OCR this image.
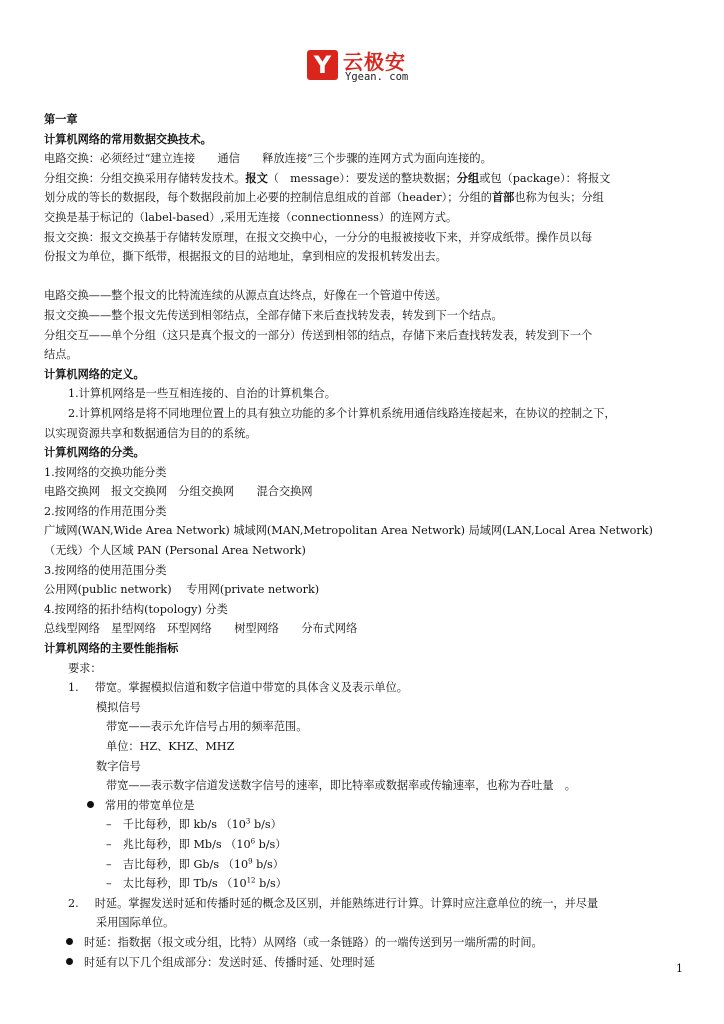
Y 云极安
Ygean. com
第一章
计算机网络的常用数据交换技术。
电路交换：必须经过“建立连接　　通信　　释放连接”三个步骤的连网方式为面向连接的。
分组交换：分组交换采用存储转发技术。报文（　message）：要发送的整块数据；分组或包（package）：将报文
划分成的等长的数据段，每个数据段前加上必要的控制信息组成的首部（header）；分组的首部也称为包头；分组
交换是基于标记的（label-based）,采用无连接（connectionness）的连网方式。
报文交换：报文交换基于存储转发原理，在报文交换中心，一分分的电报被接收下来，并穿成纸带。操作员以每
份报文为单位，撕下纸带，根据报文的目的站地址，拿到相应的发报机转发出去。
电路交换——整个报文的比特流连续的从源点直达终点，好像在一个管道中传送。
报文交换——整个报文先传送到相邻结点，全部存储下来后查找转发表，转发到下一个结点。
分组交互——单个分组（这只是真个报文的一部分）传送到相邻的结点，存储下来后查找转发表，转发到下一个
结点。
计算机网络的定义。
1.计算机网络是一些互相连接的、自治的计算机集合。
2.计算机网络是将不同地理位置上的具有独立功能的多个计算机系统用通信线路连接起来，在协议的控制之下，
以实现资源共享和数据通信为目的的系统。
计算机网络的分类。
1.按网络的交换功能分类
电路交换网　报文交换网　分组交换网　　混合交换网
2.按网络的作用范围分类
广域网(WAN,Wide Area Network) 城域网(MAN,Metropolitan Area Network) 局域网(LAN,Local Area Network)
（无线）个人区域 PAN (Personal Area Network)
3.按网络的使用范围分类
公用网(public network)　 专用网(private network)
4.按网络的拓扑结构(topology) 分类
总线型网络　星型网络　环型网络　　树型网络　　分布式网络
计算机网络的主要性能指标
要求：
1. 带宽。掌握模拟信道和数字信道中带宽的具体含义及表示单位。
模拟信号
带宽——表示允许信号占用的频率范围。
单位：HZ、KHZ、MHZ
数字信号
带宽——表示数字信道发送数字信号的速率，即比特率或数据率或传输速率，也称为吞吐量　。
常用的带宽单位是
–　 千比每秒，即 kb/s （$10^3$ b/s）
–　 兆比每秒，即 Mb/s （$10^6$ b/s）
–　 吉比每秒，即 Gb/s （$10^9$ b/s）
–　 太比每秒，即 Tb/s （$10^{12}$ b/s）
2. 时延。掌握发送时延和传播时延的概念及区别，并能熟练进行计算。计算时应注意单位的统一，并尽量
采用国际单位。
时延：指数据（报文或分组，比特）从网络（或一条链路）的一端传送到另一端所需的时间。
时延有以下几个组成部分：发送时延、传播时延、处理时延	1
